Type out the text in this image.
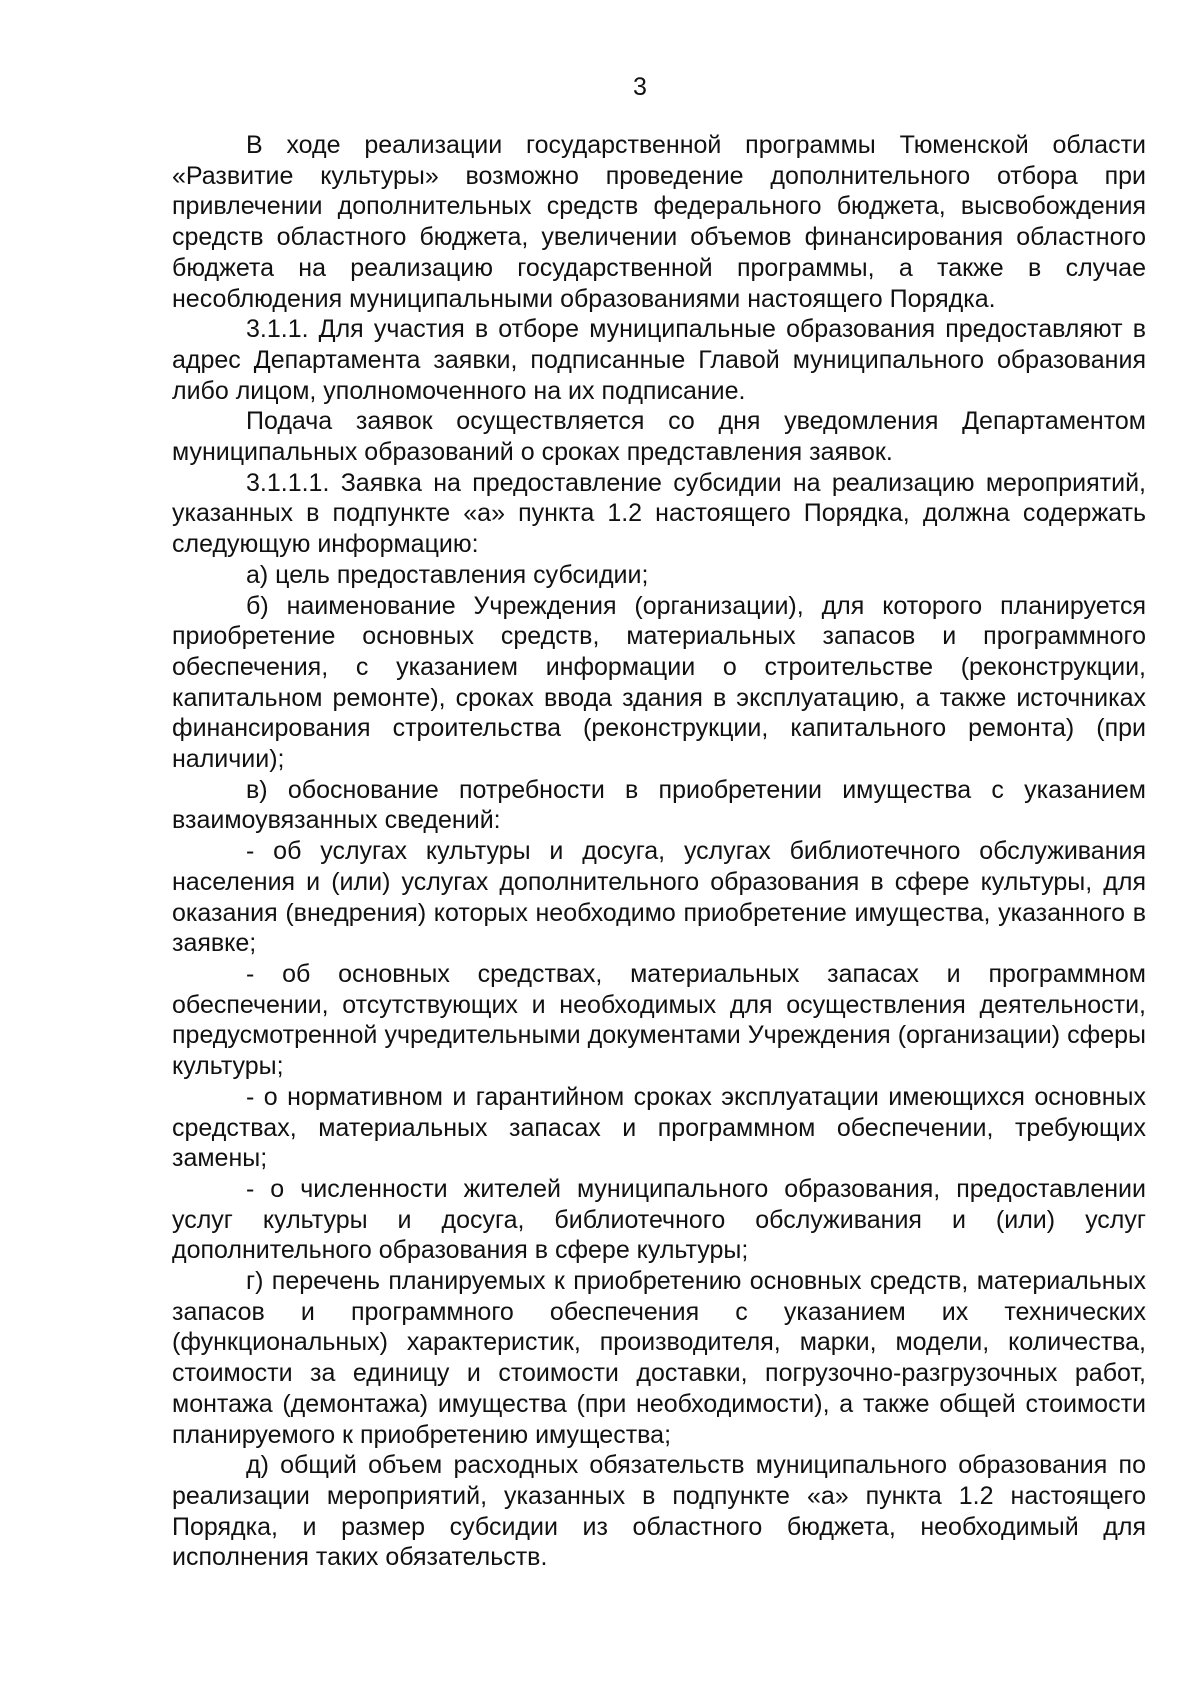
3

В ходе реализации государственной программы Тюменской области «Развитие культуры» возможно проведение дополнительного отбора при привлечении дополнительных средств федерального бюджета, высвобождения средств областного бюджета, увеличении объемов финансирования областного бюджета на реализацию государственной программы, а также в случае несоблюдения муниципальными образованиями настоящего Порядка.

3.1.1. Для участия в отборе муниципальные образования предоставляют в адрес Департамента заявки, подписанные Главой муниципального образования либо лицом, уполномоченного на их подписание.

Подача заявок осуществляется со дня уведомления Департаментом муниципальных образований о сроках представления заявок.

3.1.1.1. Заявка на предоставление субсидии на реализацию мероприятий, указанных в подпункте «а» пункта 1.2 настоящего Порядка, должна содержать следующую информацию:

а) цель предоставления субсидии;

б) наименование Учреждения (организации), для которого планируется приобретение основных средств, материальных запасов и программного обеспечения, с указанием информации о строительстве (реконструкции, капитальном ремонте), сроках ввода здания в эксплуатацию, а также источниках финансирования строительства (реконструкции, капитального ремонта) (при наличии);

в) обоснование потребности в приобретении имущества с указанием взаимоувязанных сведений:

- об услугах культуры и досуга, услугах библиотечного обслуживания населения и (или) услугах дополнительного образования в сфере культуры, для оказания (внедрения) которых необходимо приобретение имущества, указанного в заявке;

- об основных средствах, материальных запасах и программном обеспечении, отсутствующих и необходимых для осуществления деятельности, предусмотренной учредительными документами Учреждения (организации) сферы культуры;

- о нормативном и гарантийном сроках эксплуатации имеющихся основных средствах, материальных запасах и программном обеспечении, требующих замены;

- о численности жителей муниципального образования, предоставлении услуг культуры и досуга, библиотечного обслуживания и (или) услуг дополнительного образования в сфере культуры;

г) перечень планируемых к приобретению основных средств, материальных запасов и программного обеспечения с указанием их технических (функциональных) характеристик, производителя, марки, модели, количества, стоимости за единицу и стоимости доставки, погрузочно-разгрузочных работ, монтажа (демонтажа) имущества (при необходимости), а также общей стоимости планируемого к приобретению имущества;

д) общий объем расходных обязательств муниципального образования по реализации мероприятий, указанных в подпункте «а» пункта 1.2 настоящего Порядка, и размер субсидии из областного бюджета, необходимый для исполнения таких обязательств.
